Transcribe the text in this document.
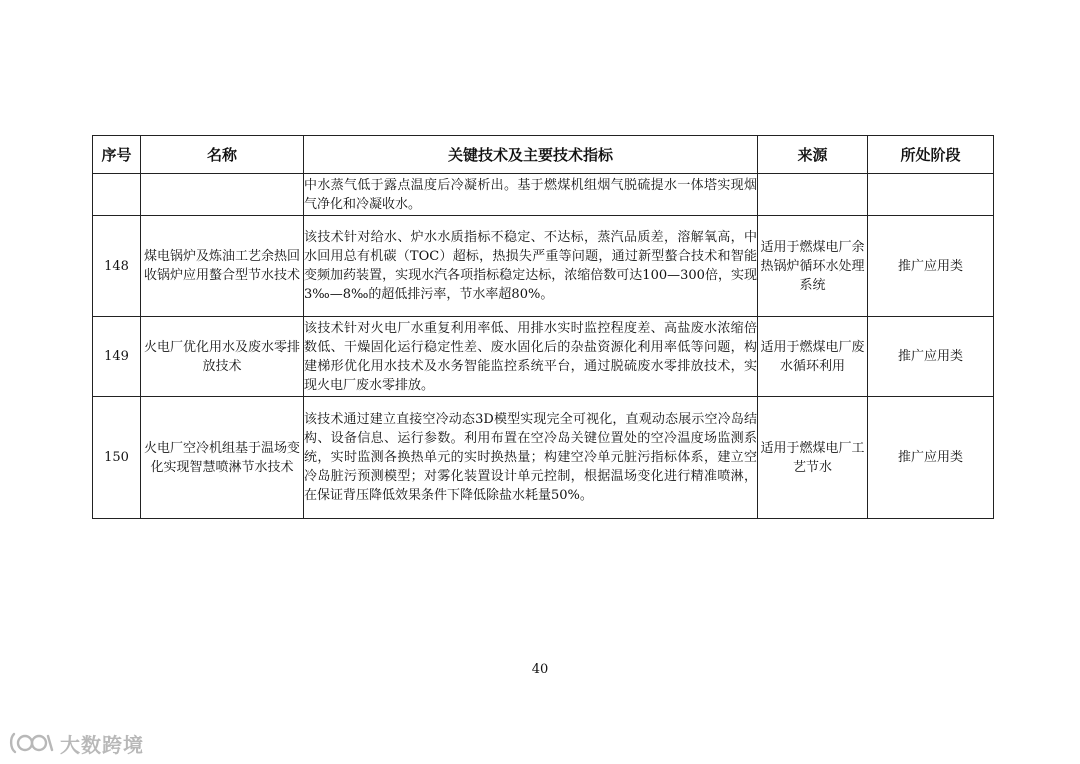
序号	名称	关键技术及主要技术指标	来源	所处阶段
		中水蒸气低于露点温度后冷凝析出。基于燃煤机组烟气脱硫提水一体塔实现烟气净化和冷凝收水。		
148	煤电锅炉及炼油工艺余热回收锅炉应用螯合型节水技术	该技术针对给水、炉水水质指标不稳定、不达标，蒸汽品质差，溶解氧高，中水回用总有机碳（TOC）超标，热损失严重等问题，通过新型螯合技术和智能变频加药装置，实现水汽各项指标稳定达标，浓缩倍数可达100—300倍，实现3‰—8‰的超低排污率，节水率超80%。	适用于燃煤电厂余热锅炉循环水处理系统	推广应用类
149	火电厂优化用水及废水零排放技术	该技术针对火电厂水重复利用率低、用排水实时监控程度差、高盐废水浓缩倍数低、干燥固化运行稳定性差、废水固化后的杂盐资源化利用率低等问题，构建梯形优化用水技术及水务智能监控系统平台，通过脱硫废水零排放技术，实现火电厂废水零排放。	适用于燃煤电厂废水循环利用	推广应用类
150	火电厂空冷机组基于温场变化实现智慧喷淋节水技术	该技术通过建立直接空冷动态3D模型实现完全可视化，直观动态展示空冷岛结构、设备信息、运行参数。利用布置在空冷岛关键位置处的空冷温度场监测系统，实时监测各换热单元的实时换热量；构建空冷单元脏污指标体系，建立空冷岛脏污预测模型；对雾化装置设计单元控制，根据温场变化进行精准喷淋，在保证背压降低效果条件下降低除盐水耗量50%。	适用于燃煤电厂工艺节水	推广应用类
40
大数跨境
